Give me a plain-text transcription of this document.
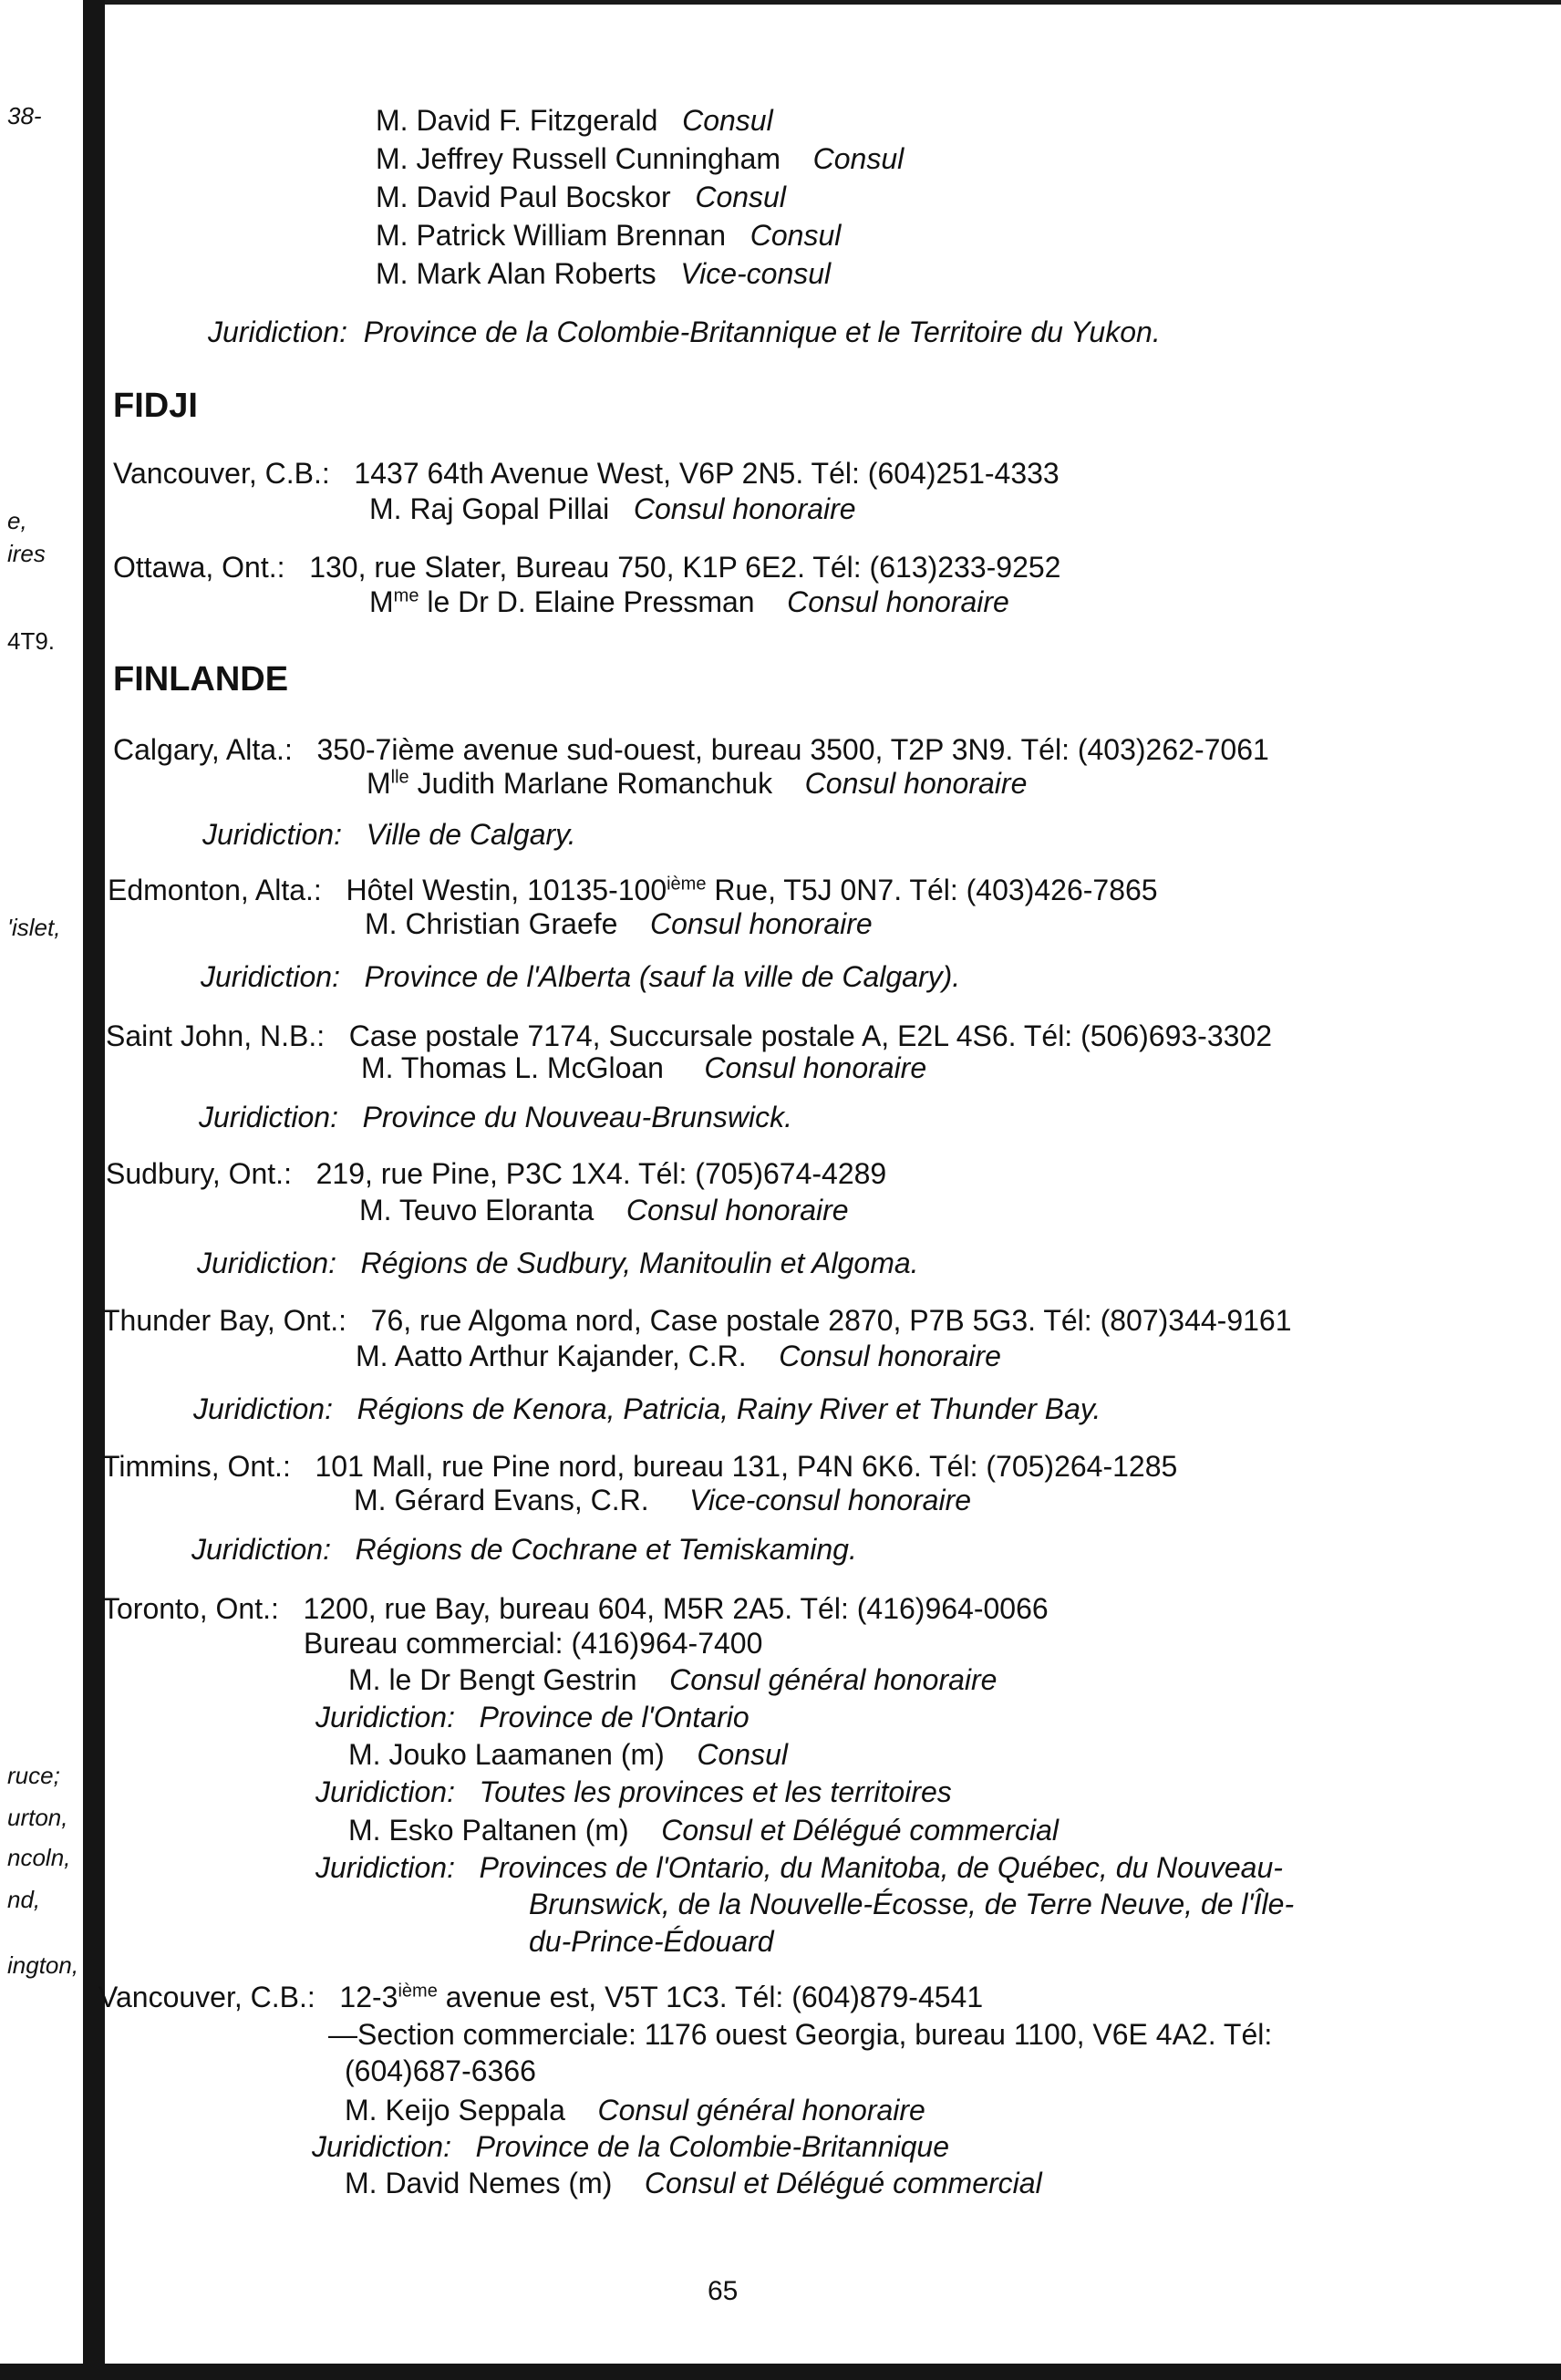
38-
e,
ires
4T9.
'islet,
ruce;
urton,
ncoln,
nd,
ington,
M. David F. Fitzgerald Consul
M. Jeffrey Russell Cunningham Consul
M. David Paul Bocskor Consul
M. Patrick William Brennan Consul
M. Mark Alan Roberts Vice-consul
Juridiction: Province de la Colombie-Britannique et le Territoire du Yukon.
FIDJI
Vancouver, C.B.: 1437 64th Avenue West, V6P 2N5. Tél: (604)251-4333
M. Raj Gopal Pillai Consul honoraire
Ottawa, Ont.: 130, rue Slater, Bureau 750, K1P 6E2. Tél: (613)233-9252
$M^{me}$ le Dr D. Elaine Pressman Consul honoraire
FINLANDE
Calgary, Alta.: 350-7ième avenue sud-ouest, bureau 3500, T2P 3N9. Tél: (403)262-7061
$M^{lle}$ Judith Marlane Romanchuk Consul honoraire
Juridiction: Ville de Calgary.
Edmonton, Alta.: Hôtel Westin, 10135-100ième Rue, T5J 0N7. Tél: (403)426-7865
M. Christian Graefe Consul honoraire
Juridiction: Province de l'Alberta (sauf la ville de Calgary).
Saint John, N.B.: Case postale 7174, Succursale postale A, E2L 4S6. Tél: (506)693-3302
M. Thomas L. McGloan Consul honoraire
Juridiction: Province du Nouveau-Brunswick.
Sudbury, Ont.: 219, rue Pine, P3C 1X4. Tél: (705)674-4289
M. Teuvo Eloranta Consul honoraire
Juridiction: Régions de Sudbury, Manitoulin et Algoma.
Thunder Bay, Ont.: 76, rue Algoma nord, Case postale 2870, P7B 5G3. Tél: (807)344-9161
M. Aatto Arthur Kajander, C.R. Consul honoraire
Juridiction: Régions de Kenora, Patricia, Rainy River et Thunder Bay.
Timmins, Ont.: 101 Mall, rue Pine nord, bureau 131, P4N 6K6. Tél: (705)264-1285
M. Gérard Evans, C.R. Vice-consul honoraire
Juridiction: Régions de Cochrane et Temiskaming.
Toronto, Ont.: 1200, rue Bay, bureau 604, M5R 2A5. Tél: (416)964-0066
Bureau commercial: (416)964-7400
M. le Dr Bengt Gestrin Consul général honoraire
Juridiction: Province de l'Ontario
M. Jouko Laamanen (m) Consul
Juridiction: Toutes les provinces et les territoires
M. Esko Paltanen (m) Consul et Délégué commercial
Juridiction: Provinces de l'Ontario, du Manitoba, de Québec, du Nouveau-
Brunswick, de la Nouvelle-Écosse, de Terre Neuve, de l'Île-
du-Prince-Édouard
Vancouver, C.B.: 12-3ième avenue est, V5T 1C3. Tél: (604)879-4541
—Section commerciale: 1176 ouest Georgia, bureau 1100, V6E 4A2. Tél:
(604)687-6366
M. Keijo Seppala Consul général honoraire
Juridiction: Province de la Colombie-Britannique
M. David Nemes (m) Consul et Délégué commercial
65
